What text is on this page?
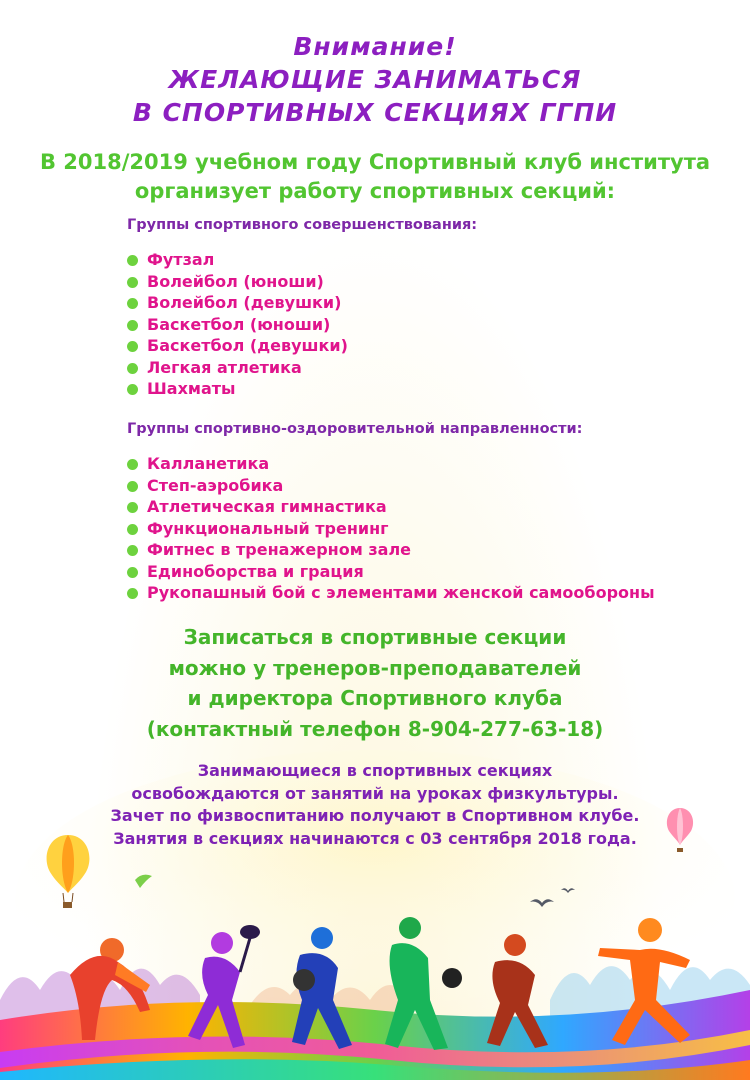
Внимание!
ЖЕЛАЮЩИЕ ЗАНИМАТЬСЯ
В СПОРТИВНЫХ СЕКЦИЯХ ГГПИ
В 2018/2019 учебном году Спортивный клуб института
организует работу спортивных секций:
Группы спортивного совершенствования:
Футзал
Волейбол (юноши)
Волейбол (девушки)
Баскетбол (юноши)
Баскетбол (девушки)
Легкая атлетика
Шахматы
Группы спортивно-оздоровительной направленности:
Калланетика
Степ-аэробика
Атлетическая гимнастика
Функциональный тренинг
Фитнес в тренажерном зале
Единоборства и грация
Рукопашный бой с элементами женской самообороны
Записаться в спортивные секции
можно у тренеров-преподавателей
и директора Спортивного клуба
(контактный телефон 8-904-277-63-18)
Занимающиеся в спортивных секциях
освобождаются от занятий на уроках физкультуры.
Зачет по физвоспитанию получают в Спортивном клубе.
Занятия в секциях начинаются с 03 сентября 2018 года.
